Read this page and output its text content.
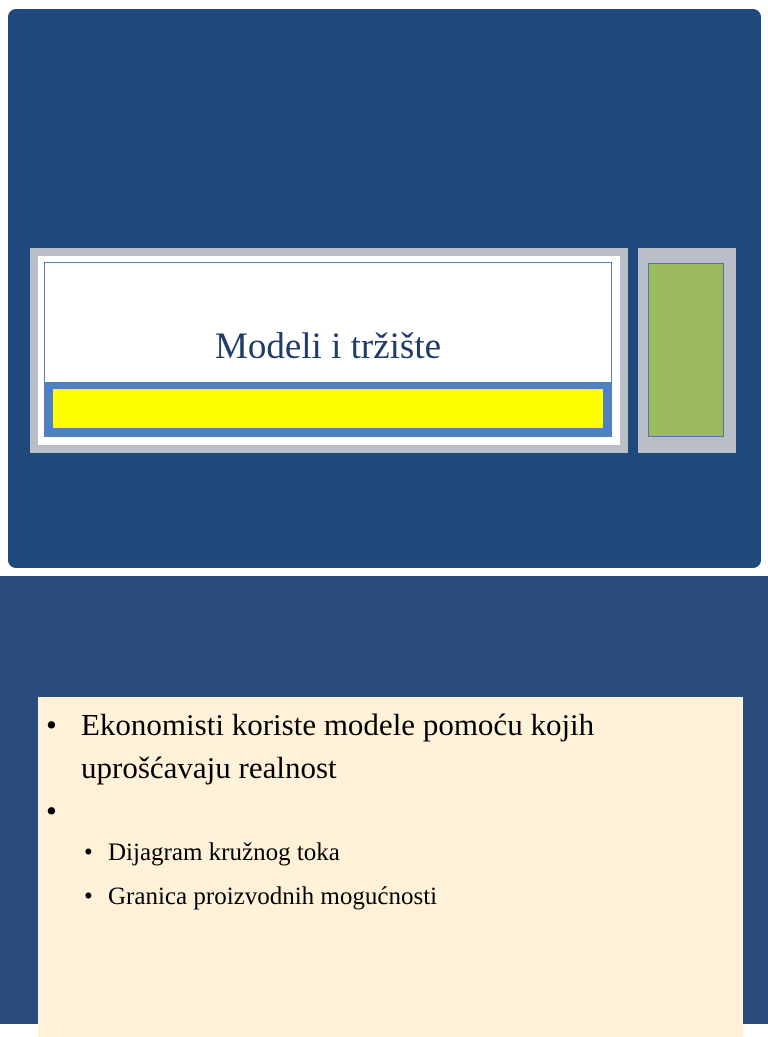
Modeli i tržište
• Ekonomisti koriste modele pomoću kojih uprošćavaju realnost
•
• Dijagram kružnog toka
• Granica proizvodnih mogućnosti
